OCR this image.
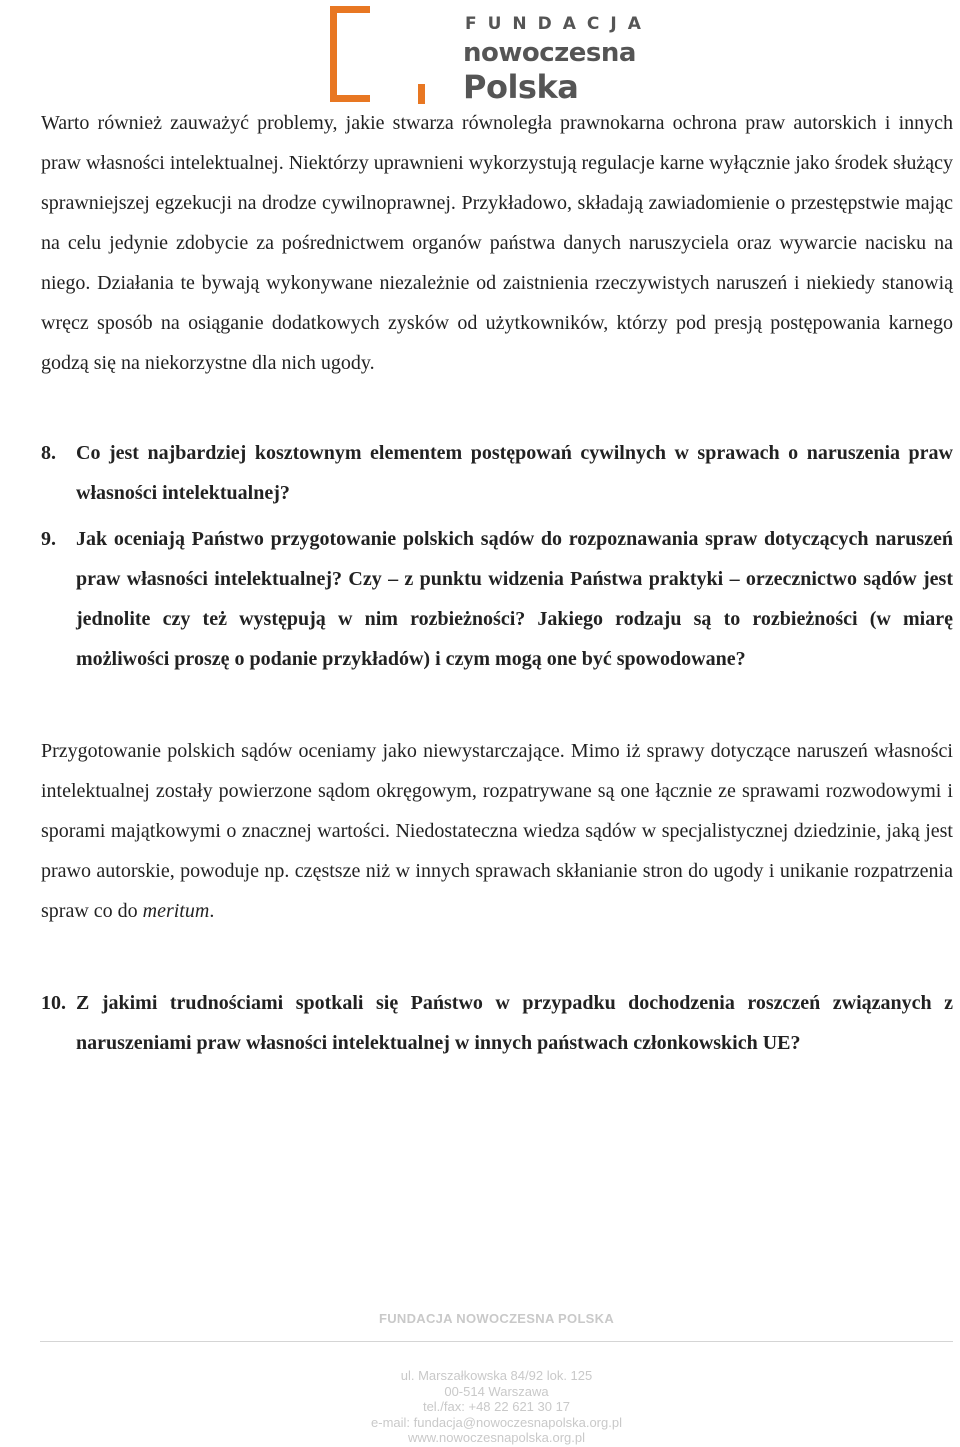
FUNDACJA
nowoczesna
Polska

Warto również zauważyć problemy, jakie stwarza równoległa prawnokarna ochrona praw autorskich i innych praw własności intelektualnej. Niektórzy uprawnieni wykorzystują regulacje karne wyłącznie jako środek służący sprawniejszej egzekucji na drodze cywilnoprawnej. Przykładowo, składają zawiadomienie o przestępstwie mając na celu jedynie zdobycie za pośrednictwem organów państwa danych naruszyciela oraz wywarcie nacisku na niego. Działania te bywają wykonywane niezależnie od zaistnienia rzeczywistych naruszeń i niekiedy stanowią wręcz sposób na osiąganie dodatkowych zysków od użytkowników, którzy pod presją postępowania karnego godzą się na niekorzystne dla nich ugody.

8. Co jest najbardziej kosztownym elementem postępowań cywilnych w sprawach o naruszenia praw własności intelektualnej?
9. Jak oceniają Państwo przygotowanie polskich sądów do rozpoznawania spraw dotyczących naruszeń praw własności intelektualnej? Czy – z punktu widzenia Państwa praktyki – orzecznictwo sądów jest jednolite czy też występują w nim rozbieżności? Jakiego rodzaju są to rozbieżności (w miarę możliwości proszę o podanie przykładów) i czym mogą one być spowodowane?

Przygotowanie polskich sądów oceniamy jako niewystarczające. Mimo iż sprawy dotyczące naruszeń własności intelektualnej zostały powierzone sądom okręgowym, rozpatrywane są one łącznie ze sprawami rozwodowymi i sporami majątkowymi o znacznej wartości. Niedostateczna wiedza sądów w specjalistycznej dziedzinie, jaką jest prawo autorskie, powoduje np. częstsze niż w innych sprawach skłanianie stron do ugody i unikanie rozpatrzenia spraw co do meritum.

10. Z jakimi trudnościami spotkali się Państwo w przypadku dochodzenia roszczeń związanych z naruszeniami praw własności intelektualnej w innych państwach członkowskich UE?
FUNDACJA NOWOCZESNA POLSKA
ul. Marszałkowska 84/92 lok. 125
00-514 Warszawa
tel./fax: +48 22 621 30 17
e-mail: fundacja@nowoczesnapolska.org.pl
www.nowoczesnapolska.org.pl
